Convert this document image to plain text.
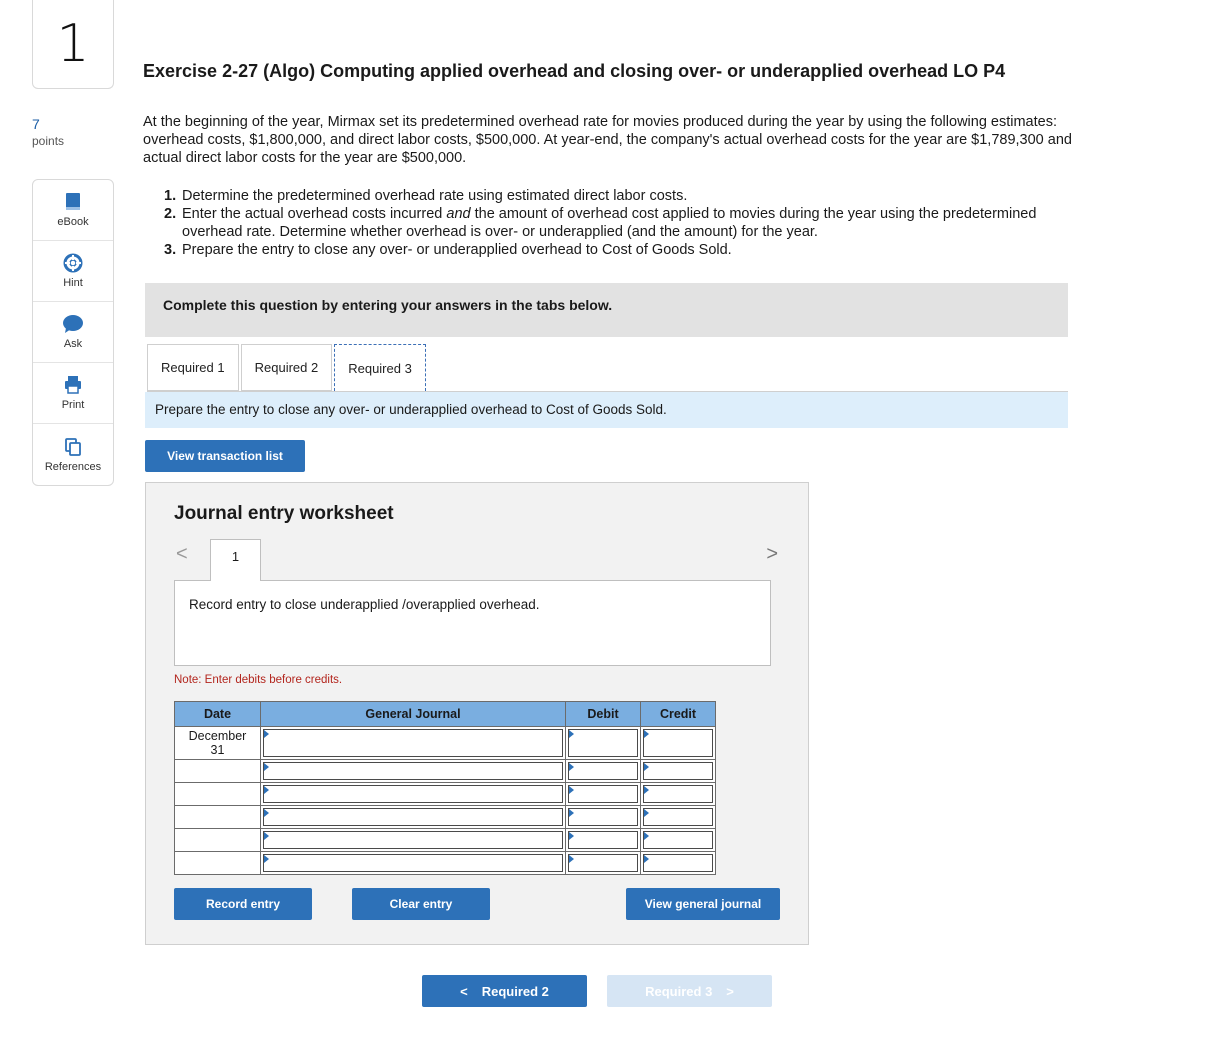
1
7
points
eBook
Hint
Ask
Print
References
Exercise 2-27 (Algo) Computing applied overhead and closing over- or underapplied overhead LO P4
At the beginning of the year, Mirmax set its predetermined overhead rate for movies produced during the year by using the following estimates: overhead costs, $1,800,000, and direct labor costs, $500,000. At year-end, the company's actual overhead costs for the year are $1,789,300 and actual direct labor costs for the year are $500,000.
1. Determine the predetermined overhead rate using estimated direct labor costs.
2. Enter the actual overhead costs incurred and the amount of overhead cost applied to movies during the year using the predetermined overhead rate. Determine whether overhead is over- or underapplied (and the amount) for the year.
3. Prepare the entry to close any over- or underapplied overhead to Cost of Goods Sold.
Complete this question by entering your answers in the tabs below.
Required 1	Required 2	Required 3
Prepare the entry to close any over- or underapplied overhead to Cost of Goods Sold.
View transaction list
Journal entry worksheet
<	1	>
Record entry to close underapplied /overapplied overhead.
Note: Enter debits before credits.
Date	General Journal	Debit	Credit
December
31	

Record entry	Clear entry	View general journal
< Required 2	Required 3 >
